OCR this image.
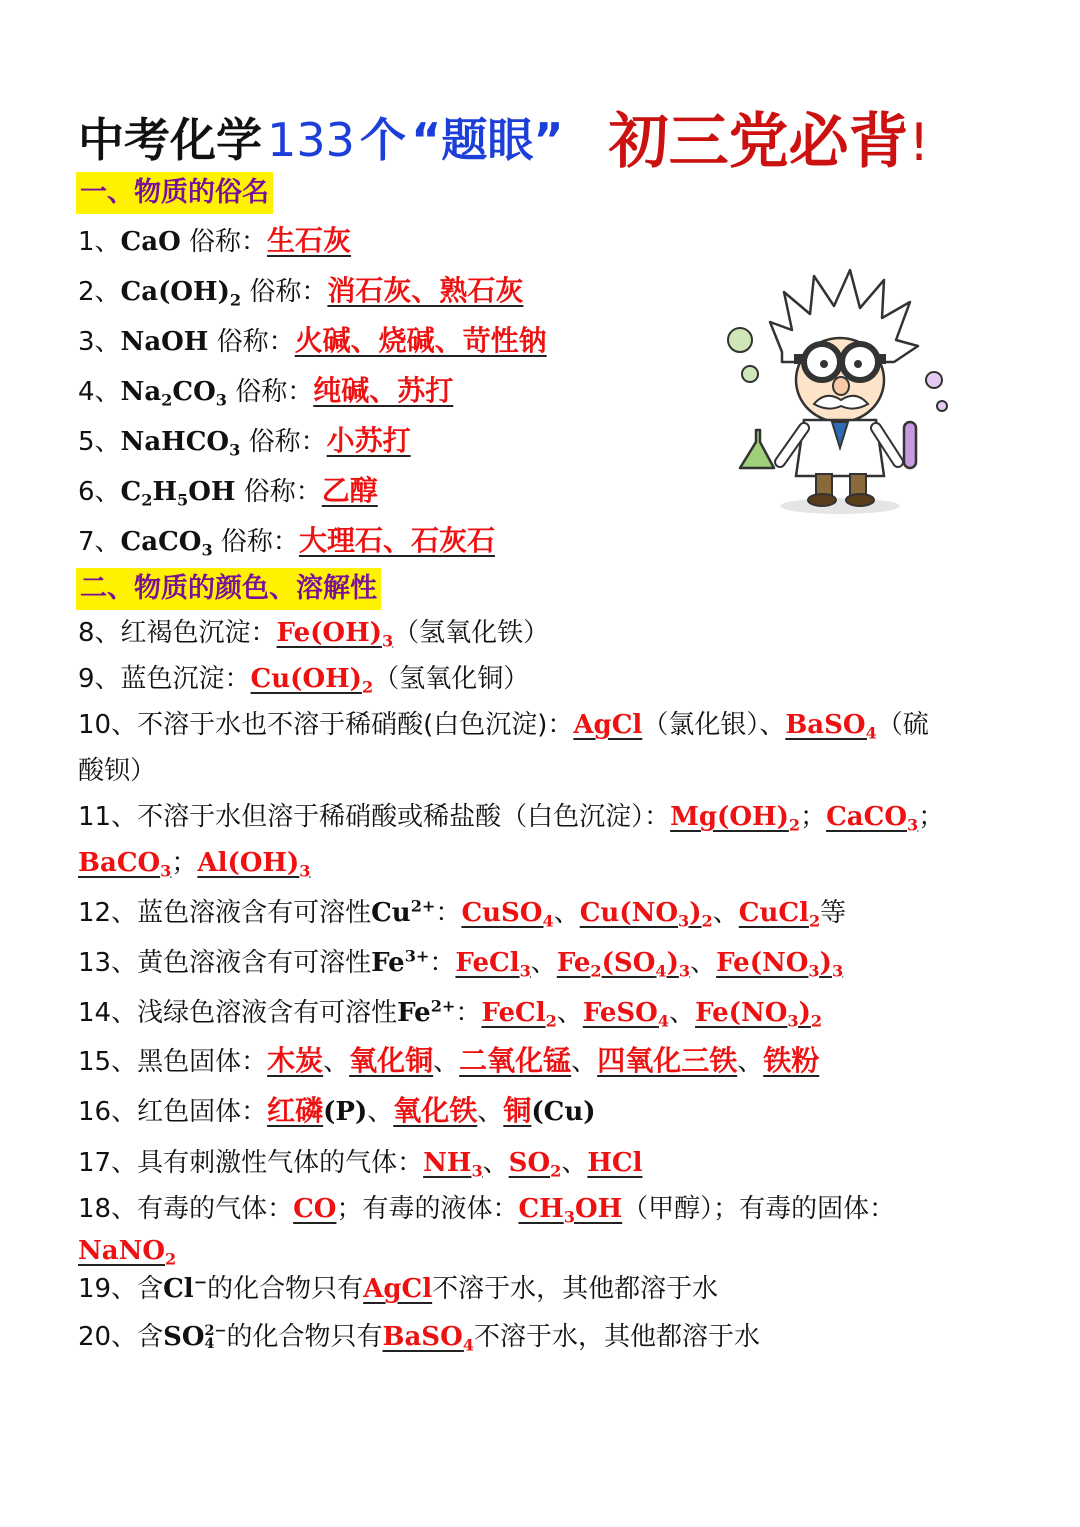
中考化学 133 个 “题眼” 初三党必背!
一、物质的俗名
1、CaO 俗称：生石灰
2、$Ca(OH)_2$ 俗称：消石灰、熟石灰
3、NaOH 俗称：火碱、烧碱、苛性钠
4、$Na_2CO_3$ 俗称：纯碱、苏打
5、NaHCO$_3$ 俗称：小苏打
6、$C_2H_5OH$ 俗称：乙醇
7、CaCO$_3$ 俗称：大理石、石灰石
二、物质的颜色、溶解性
8、红褐色沉淀：$Fe(OH)_3$（氢氧化铁）
9、蓝色沉淀：$Cu(OH)_2$（氢氧化铜）
10、不溶于水也不溶于稀硝酸(白色沉淀)：AgCl（氯化银）、BaSO$_4$（硫
酸钡）
11、不溶于水但溶于稀硝酸或稀盐酸（白色沉淀）：$Mg(OH)_2$；CaCO$_3$；
BaCO$_3$；$Al(OH)_3$
12、蓝色溶液含有可溶性$Cu^{2+}$：CuSO$_4$、$Cu(NO_3)_2$、CuCl$_2$等
13、黄色溶液含有可溶性$Fe^{3+}$：FeCl$_3$、$Fe_2(SO_4)_3$、$Fe(NO_3)_3$
14、浅绿色溶液含有可溶性$Fe^{2+}$：FeCl$_2$、FeSO$_4$、$Fe(NO_3)_2$
15、黑色固体：木炭、氧化铜、二氧化锰、四氧化三铁、铁粉
16、红色固体：红磷(P)、氧化铁、铜(Cu)
17、具有刺激性气体的气体：$NH_3$、$SO_2$、HCl
18、有毒的气体：CO；有毒的液体：$CH_3OH$（甲醇）；有毒的固体：
NaNO$_2$
19、含Cl−的化合物只有AgCl不溶于水，其他都溶于水
20、含SO 2−
4 的化合物只有BaSO$_4$不溶于水，其他都溶于水
